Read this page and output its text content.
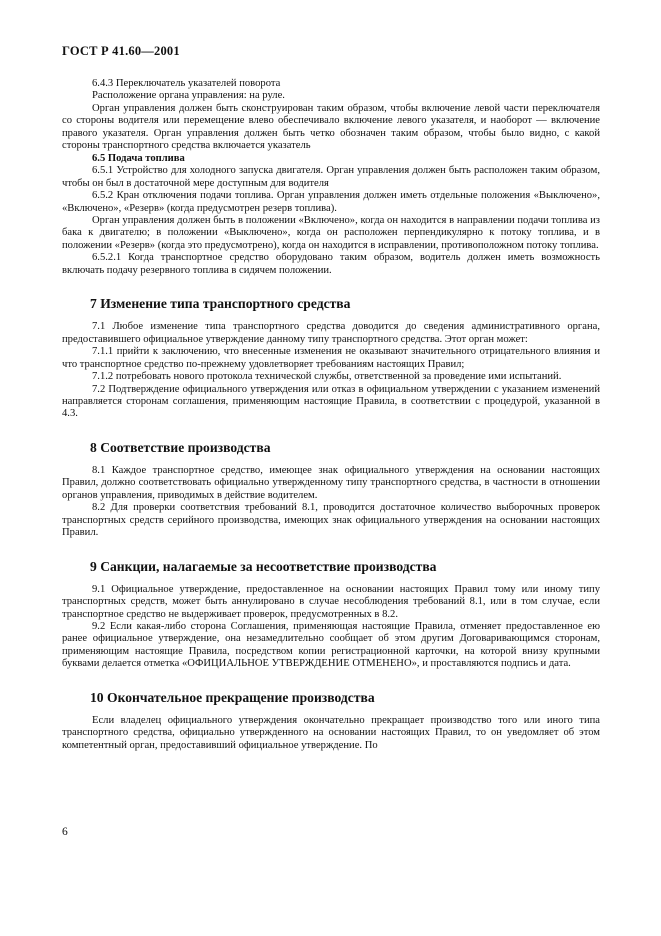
ГОСТ Р 41.60—2001

6.4.3 Переключатель указателей поворота

Расположение органа управления: на руле.

Орган управления должен быть сконструирован таким образом, чтобы включение левой части переключателя со стороны водителя или перемещение влево обеспечивало включение левого указателя, и наоборот — включение правого указателя. Орган управления должен быть четко обозначен таким образом, чтобы было видно, с какой стороны транспортного средства включается указатель

6.5 Подача топлива

6.5.1 Устройство для холодного запуска двигателя. Орган управления должен быть расположен таким образом, чтобы он был в достаточной мере доступным для водителя

6.5.2 Кран отключения подачи топлива. Орган управления должен иметь отдельные положения «Выключено», «Включено», «Резерв» (когда предусмотрен резерв топлива).

Орган управления должен быть в положении «Включено», когда он находится в направлении подачи топлива из бака к двигателю; в положении «Выключено», когда он расположен перпендикулярно к потоку топлива, и в положении «Резерв» (когда это предусмотрено), когда он находится в исправлении, противоположном потоку топлива.

6.5.2.1 Когда транспортное средство оборудовано таким образом, водитель должен иметь возможность включать подачу резервного топлива в сидячем положении.

7 Изменение типа транспортного средства

7.1 Любое изменение типа транспортного средства доводится до сведения административного органа, предоставившего официальное утверждение данному типу транспортного средства. Этот орган может:

7.1.1 прийти к заключению, что внесенные изменения не оказывают значительного отрицательного влияния и что транспортное средство по-прежнему удовлетворяет требованиям настоящих Правил;

7.1.2 потребовать нового протокола технической службы, ответственной за проведение ими испытаний.

7.2 Подтверждение официального утверждения или отказ в официальном утверждении с указанием изменений направляется сторонам соглашения, применяющим настоящие Правила, в соответствии с процедурой, указанной в 4.3.

8 Соответствие производства

8.1 Каждое транспортное средство, имеющее знак официального утверждения на основании настоящих Правил, должно соответствовать официально утвержденному типу транспортного средства, в частности в отношении органов управления, приводимых в действие водителем.

8.2 Для проверки соответствия требований 8.1, проводится достаточное количество выборочных проверок транспортных средств серийного производства, имеющих знак официального утверждения на основании настоящих Правил.

9 Санкции, налагаемые за несоответствие производства

9.1 Официальное утверждение, предоставленное на основании настоящих Правил тому или иному типу транспортных средств, может быть аннулировано в случае несоблюдения требований 8.1, или в том случае, если транспортное средство не выдерживает проверок, предусмотренных в 8.2.

9.2 Если какая-либо сторона Соглашения, применяющая настоящие Правила, отменяет предоставленное ею ранее официальное утверждение, она незамедлительно сообщает об этом другим Договаривающимся сторонам, применяющим настоящие Правила, посредством копии регистрационной карточки, на которой внизу крупными буквами делается отметка «ОФИЦИАЛЬНОЕ УТВЕРЖДЕНИЕ ОТМЕНЕНО», и проставляются подпись и дата.

10 Окончательное прекращение производства

Если владелец официального утверждения окончательно прекращает производство того или иного типа транспортного средства, официально утвержденного на основании настоящих Правил, то он уведомляет об этом компетентный орган, предоставивший официальное утверждение. По

6
